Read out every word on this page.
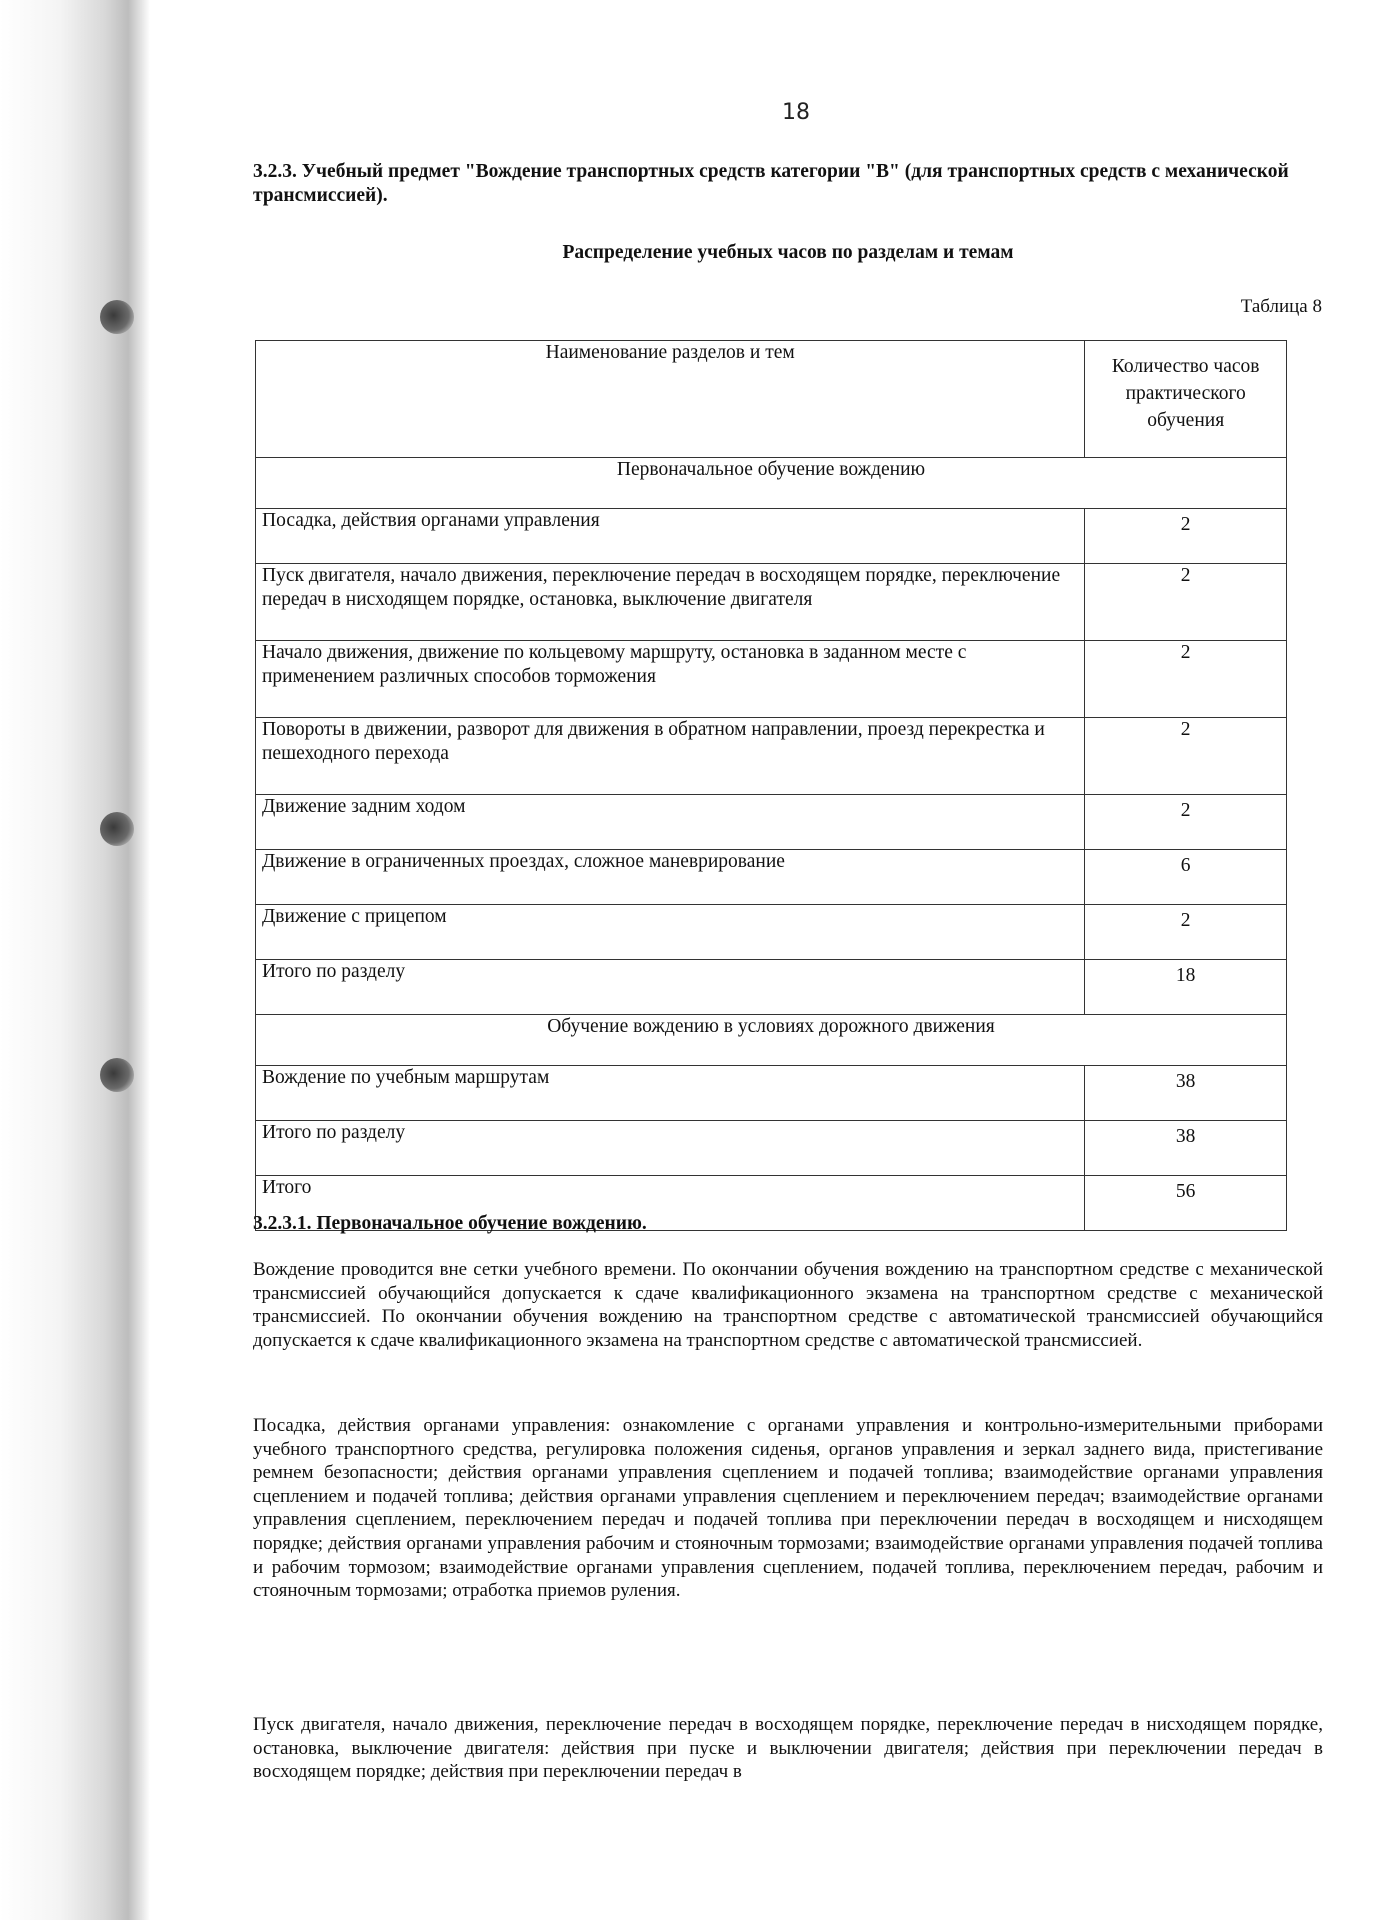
18
3.2.3. Учебный предмет "Вождение транспортных средств категории "В" (для транспортных средств с механической трансмиссией).
Распределение учебных часов по разделам и темам
Таблица 8
Наименование разделов и тем	Количество часов практического обучения
Первоначальное обучение вождению	
Посадка, действия органами управления	2
Пуск двигателя, начало движения, переключение передач в восходящем порядке, переключение передач в нисходящем порядке, остановка, выключение двигателя	2
Начало движения, движение по кольцевому маршруту, остановка в заданном месте с применением различных способов торможения	2
Повороты в движении, разворот для движения в обратном направлении, проезд перекрестка и пешеходного перехода	2
Движение задним ходом	2
Движение в ограниченных проездах, сложное маневрирование	6
Движение с прицепом	2
Итого по разделу	18
Обучение вождению в условиях дорожного движения	
Вождение по учебным маршрутам	38
Итого по разделу	38
Итого	56
3.2.3.1. Первоначальное обучение вождению.
Вождение проводится вне сетки учебного времени. По окончании обучения вождению на транспортном средстве с механической трансмиссией обучающийся допускается к сдаче квалификационного экзамена на транспортном средстве с механической трансмиссией. По окончании обучения вождению на транспортном средстве с автоматической трансмиссией обучающийся допускается к сдаче квалификационного экзамена на транспортном средстве с автоматической трансмиссией.
Посадка, действия органами управления: ознакомление с органами управления и контрольно-измерительными приборами учебного транспортного средства, регулировка положения сиденья, органов управления и зеркал заднего вида, пристегивание ремнем безопасности; действия органами управления сцеплением и подачей топлива; взаимодействие органами управления сцеплением и подачей топлива; действия органами управления сцеплением и переключением передач; взаимодействие органами управления сцеплением, переключением передач и подачей топлива при переключении передач в восходящем и нисходящем порядке; действия органами управления рабочим и стояночным тормозами; взаимодействие органами управления подачей топлива и рабочим тормозом; взаимодействие органами управления сцеплением, подачей топлива, переключением передач, рабочим и стояночным тормозами; отработка приемов руления.
Пуск двигателя, начало движения, переключение передач в восходящем порядке, переключение передач в нисходящем порядке, остановка, выключение двигателя: действия при пуске и выключении двигателя; действия при переключении передач в восходящем порядке; действия при переключении передач в
